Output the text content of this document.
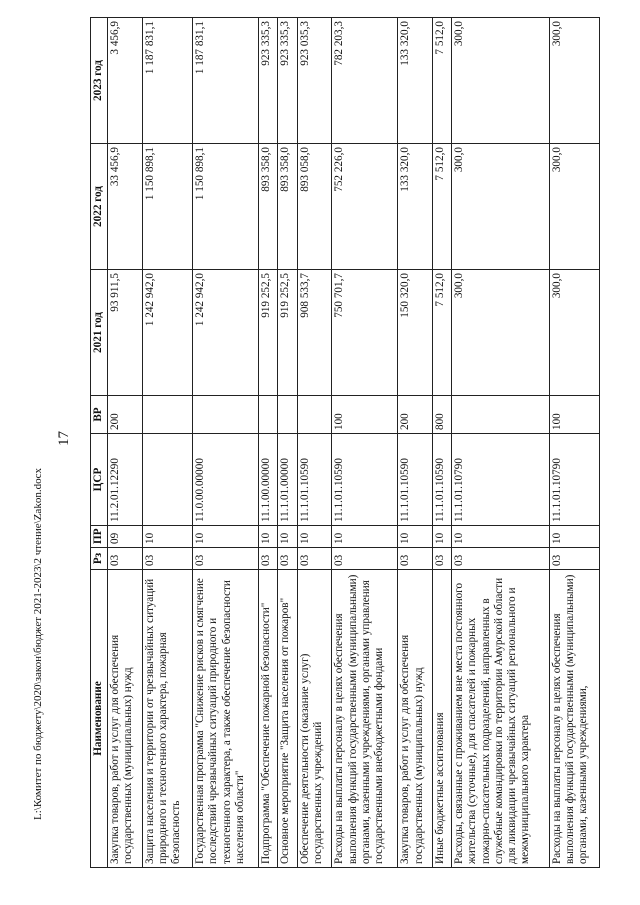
17
Наименование	Рз	ПР	ЦСР	ВР	2021 год	2022 год	2023 год
Закупка товаров, работ и услуг для обеспечения государственных (муниципальных) нужд	03	09	11.2.01.12290	200	93 911,5	33 456,9	3 456,9
Защита населения и территории от чрезвычайных ситуаций природного и техногенного характера, пожарная безопасность	03	10			1 242 942,0	1 150 898,1	1 187 831,1
Государственная программа "Снижение рисков и смягчение последствий чрезвычайных ситуаций природного и техногенного характера, а также обеспечение безопасности населения области"	03	10	11.0.00.00000		1 242 942,0	1 150 898,1	1 187 831,1
Подпрограмма "Обеспечение пожарной безопасности"	03	10	11.1.00.00000		919 252,5	893 358,0	923 335,3
Основное мероприятие "Защита населения от пожаров"	03	10	11.1.01.00000		919 252,5	893 358,0	923 335,3
Обеспечение деятельности (оказание услуг) государственных учреждений	03	10	11.1.01.10590		908 533,7	893 058,0	923 035,3
Расходы на выплаты персоналу в целях обеспечения выполнения функций государственными (муниципальными) органами, казенными учреждениями, органами управления государственными внебюджетными фондами	03	10	11.1.01.10590	100	750 701,7	752 226,0	782 203,3
Закупка товаров, работ и услуг для обеспечения государственных (муниципальных) нужд	03	10	11.1.01.10590	200	150 320,0	133 320,0	133 320,0
Иные бюджетные ассигнования	03	10	11.1.01.10590	800	7 512,0	7 512,0	7 512,0
Расходы, связанные с проживанием вне места постоянного жительства (суточные), для спасателей и пожарных пожарно-спасательных подразделений, направленных в служебные командировки по территории Амурской области для ликвидации чрезвычайных ситуаций регионального и межмуниципального характера	03	10	11.1.01.10790		300,0	300,0	300,0
Расходы на выплаты персоналу в целях обеспечения выполнения функций государственными (муниципальными) органами, казенными учреждениями,	03	10	11.1.01.10790	100	300,0	300,0	300,0
L:\Комитет по бюджету\2020\закон\бюджет 2021-2023\2 чтение\Zakon.docx
